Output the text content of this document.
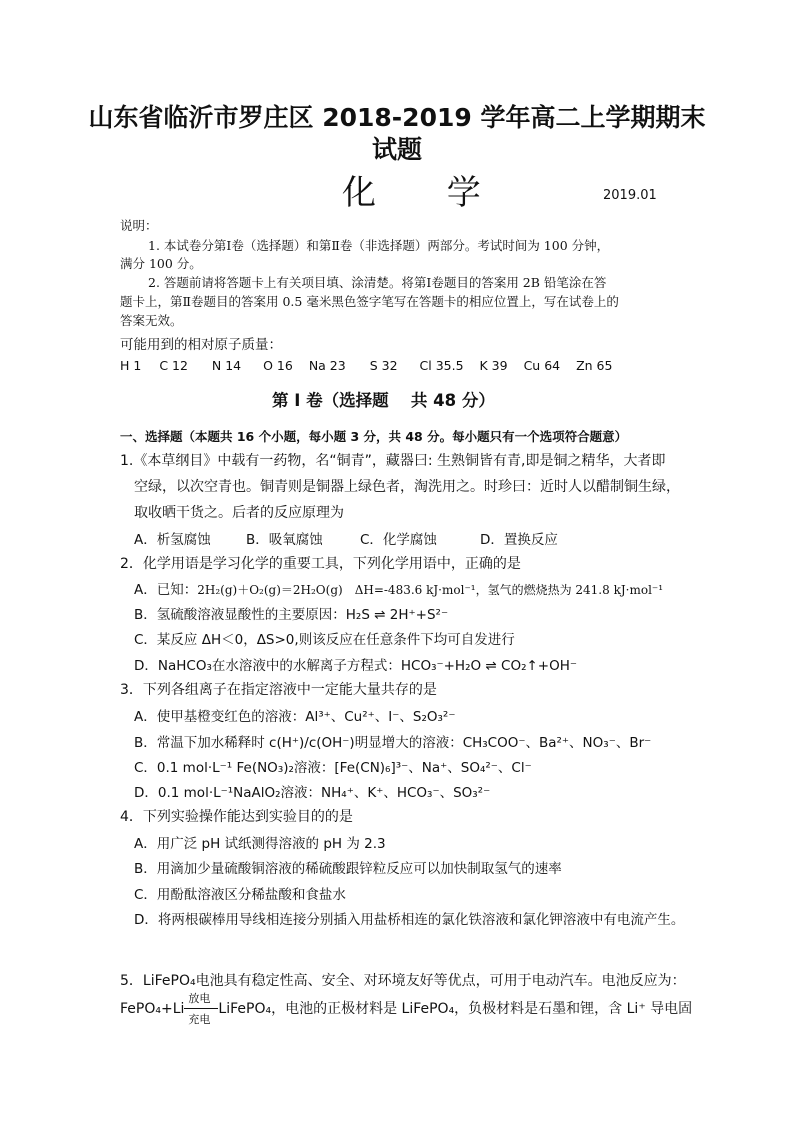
山东省临沂市罗庄区 2018-2019 学年高二上学期期末
试题
化 学	2019.01
说明：
1. 本试卷分第Ⅰ卷（选择题）和第Ⅱ卷（非选择题）两部分。考试时间为 100 分钟，
满分 100 分。
2. 答题前请将答题卡上有关项目填、涂清楚。将第Ⅰ卷题目的答案用 2B 铅笔涂在答
题卡上，第Ⅱ卷题目的答案用 0.5 毫米黑色签字笔写在答题卡的相应位置上，写在试卷上的
答案无效。
可能用到的相对原子质量：
H 1 C 12 N 14 O 16 Na 23 S 32 Cl 35.5 K 39 Cu 64 Zn 65
第 I 卷（选择题　 共 48 分）
一、选择题（本题共 16 个小题，每小题 3 分，共 48 分。每小题只有一个选项符合题意）
1.《本草纲目》中载有一药物，名“铜青”，藏器曰: 生熟铜皆有青,即是铜之精华，大者即
空绿，以次空青也。铜青则是铜器上绿色者，淘洗用之。时珍曰：近时人以醋制铜生绿，
取收晒干货之。后者的反应原理为
A．析氢腐蚀	B．吸氧腐蚀	C．化学腐蚀	D．置换反应
2．化学用语是学习化学的重要工具，下列化学用语中，正确的是
A．已知：2H₂(g)＋O₂(g)＝2H₂O(g)　ΔH=-483.6 kJ·mol⁻¹，氢气的燃烧热为 241.8 kJ·mol⁻¹
B．氢硫酸溶液显酸性的主要原因：H₂S ⇌ 2H⁺+S²⁻
C．某反应 ΔH＜0，ΔS>0,则该反应在任意条件下均可自发进行
D．NaHCO₃在水溶液中的水解离子方程式：HCO₃⁻+H₂O ⇌ CO₂↑+OH⁻
3．下列各组离子在指定溶液中一定能大量共存的是
A．使甲基橙变红色的溶液：Al³⁺、Cu²⁺、I⁻、S₂O₃²⁻
B．常温下加水稀释时 c(H⁺)/c(OH⁻)明显增大的溶液：CH₃COO⁻、Ba²⁺、NO₃⁻、Br⁻
C．0.1 mol·L⁻¹ Fe(NO₃)₂溶液：[Fe(CN)₆]³⁻、Na⁺、SO₄²⁻、Cl⁻
D．0.1 mol·L⁻¹NaAlO₂溶液：NH₄⁺、K⁺、HCO₃⁻、SO₃²⁻
4．下列实验操作能达到实验目的的是
A．用广泛 pH 试纸测得溶液的 pH 为 2.3
B．用滴加少量硫酸铜溶液的稀硫酸跟锌粒反应可以加快制取氢气的速率
C．用酚酞溶液区分稀盐酸和食盐水
D．将两根碳棒用导线相连接分别插入用盐桥相连的氯化铁溶液和氯化钾溶液中有电流产生。
5．LiFePO₄电池具有稳定性高、安全、对环境友好等优点，可用于电动汽车。电池反应为：
FePO₄+Li $\frac{\text{放电}}{\text{充电}}$ LiFePO₄，电池的正极材料是 LiFePO₄，负极材料是石墨和锂，含 Li⁺ 导电固
